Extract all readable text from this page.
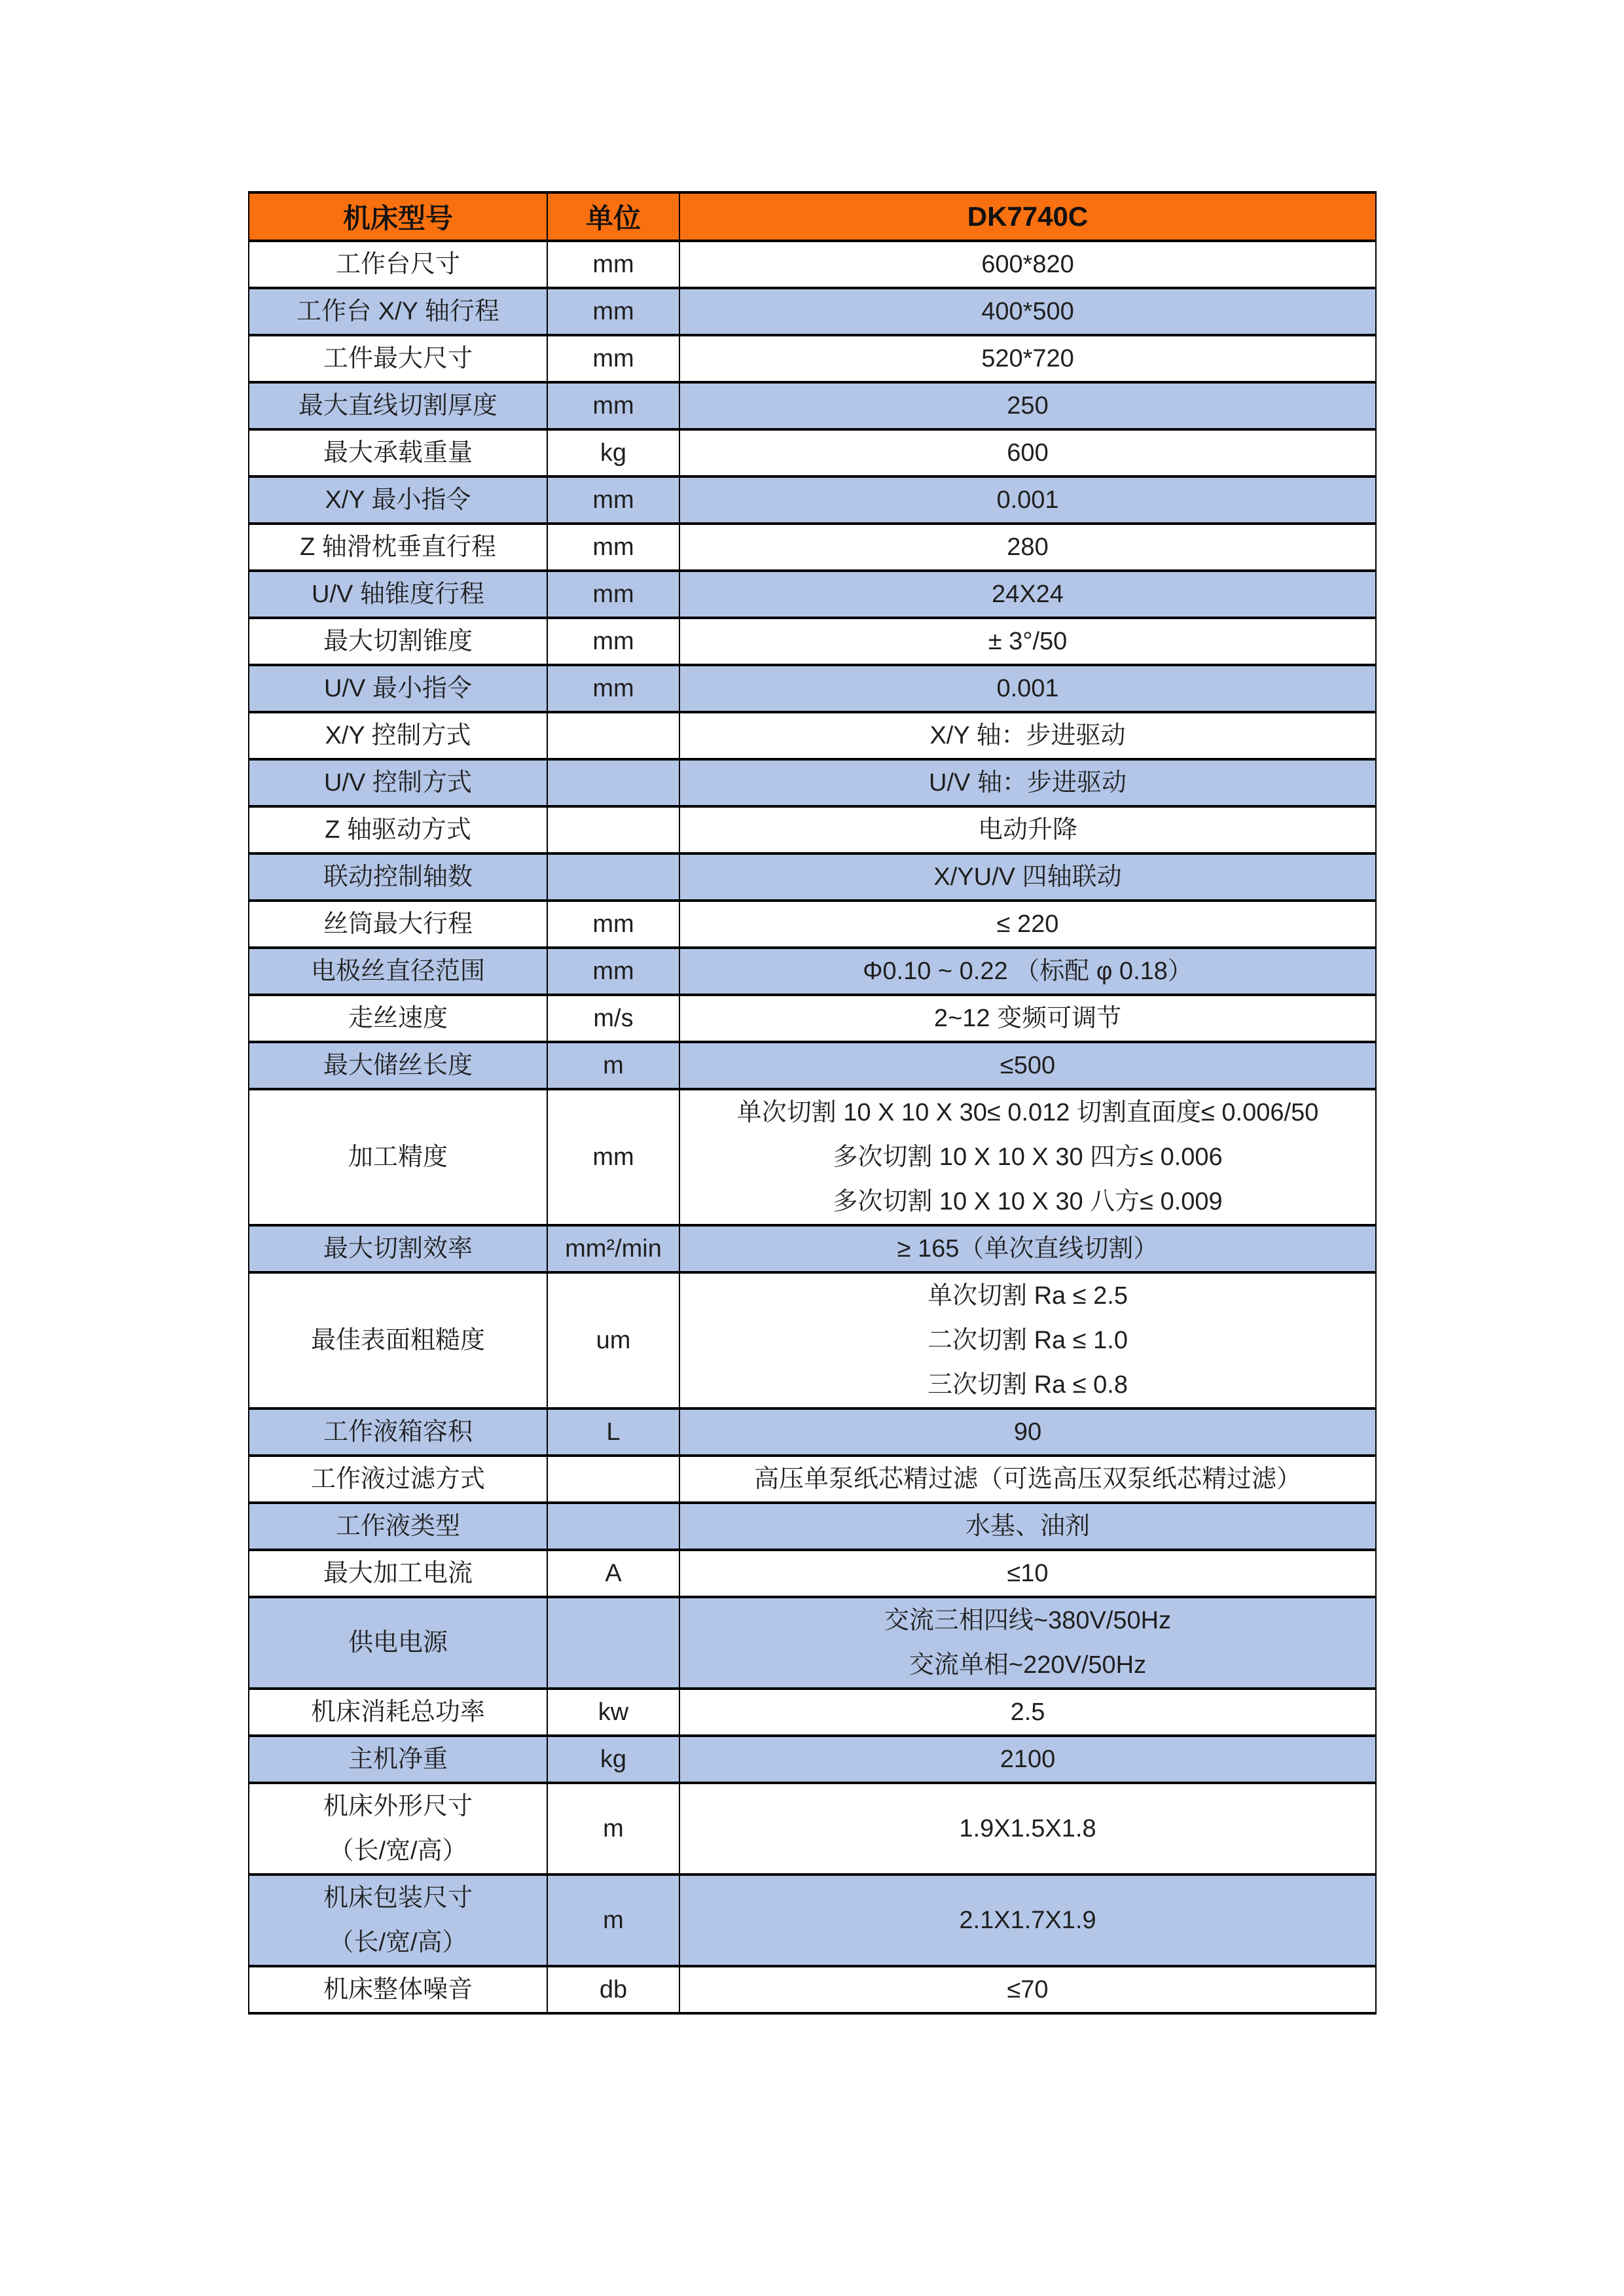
机床型号	单位	DK7740C

工作台尺寸	mm	600*820

工作台 X/Y 轴行程	mm	400*500

工件最大尺寸	mm	520*720

最大直线切割厚度	mm	250

最大承载重量	kg	600

X/Y 最小指令	mm	0.001

Z 轴滑枕垂直行程	mm	280

U/V 轴锥度行程	mm	24X24

最大切割锥度	mm	± 3°/50

U/V 最小指令	mm	0.001

X/Y 控制方式		X/Y 轴：步进驱动

U/V 控制方式		U/V 轴：步进驱动

Z 轴驱动方式		电动升降

联动控制轴数		X/YU/V 四轴联动

丝筒最大行程	mm	≤ 220

电极丝直径范围	mm	Φ0.10 ~ 0.22 （标配 φ 0.18）

走丝速度	m/s	2~12 变频可调节

最大储丝长度	m	≤500

加工精度	mm	单次切割 10 X 10 X 30≤ 0.012 切割直面度≤ 0.006/50
多次切割 10 X 10 X 30 四方≤ 0.006
多次切割 10 X 10 X 30 八方≤ 0.009

最大切割效率	mm²/min	≥ 165（单次直线切割）

最佳表面粗糙度	um	单次切割 Ra ≤ 2.5
二次切割 Ra ≤ 1.0
三次切割 Ra ≤ 0.8

工作液箱容积	L	90

工作液过滤方式		高压单泵纸芯精过滤（可选高压双泵纸芯精过滤）

工作液类型		水基、油剂

最大加工电流	A	≤10

供电电源		交流三相四线~380V/50Hz
交流单相~220V/50Hz

机床消耗总功率	kw	2.5

主机净重	kg	2100

机床外形尺寸
（长/宽/高）	m	1.9X1.5X1.8

机床包装尺寸
（长/宽/高）	m	2.1X1.7X1.9

机床整体噪音	db	≤70
